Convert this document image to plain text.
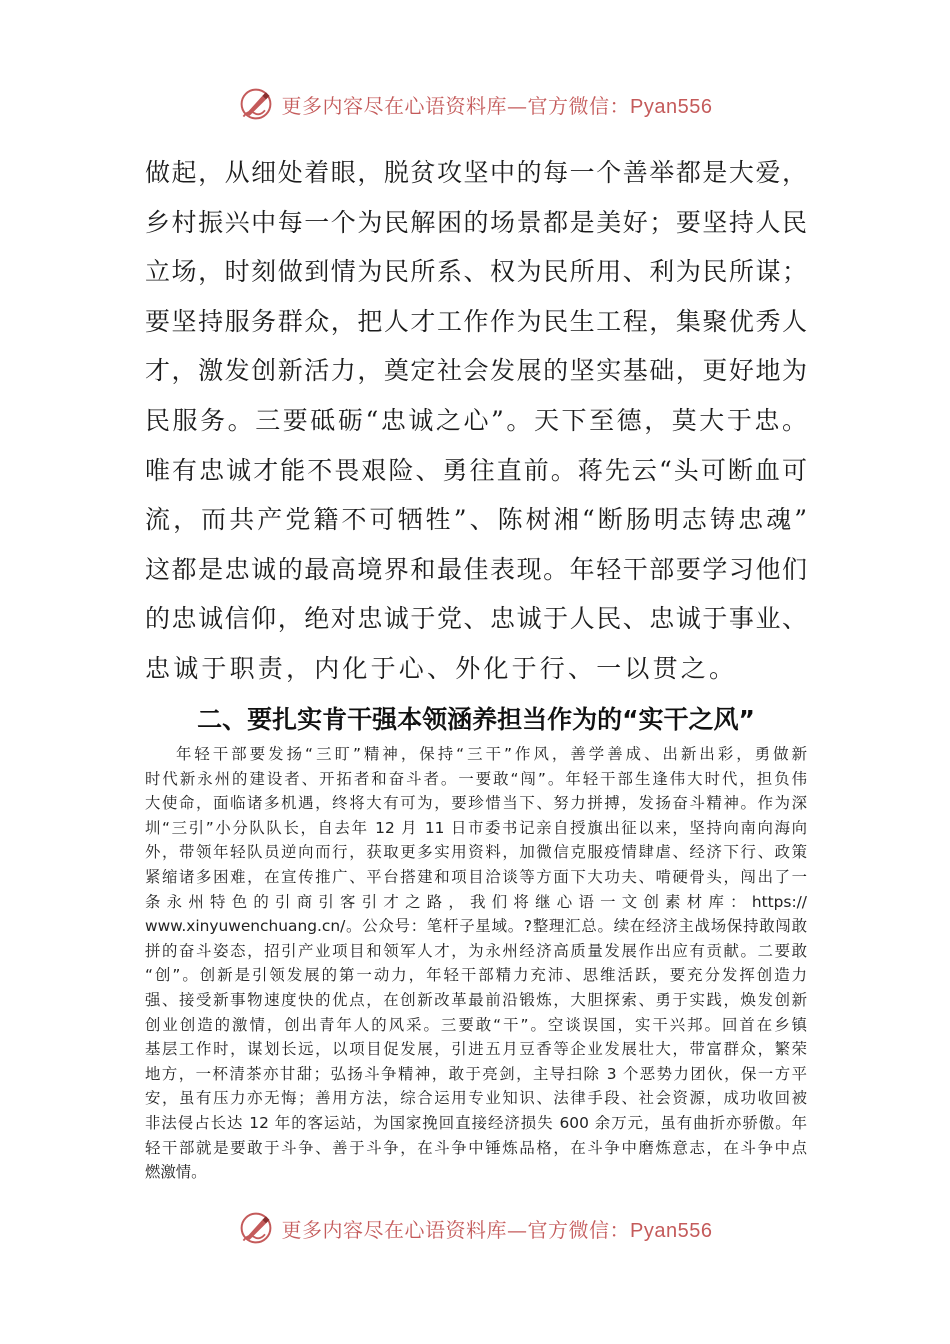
更多内容尽在心语资料库—官方微信：Pyan556
做起，从细处着眼，脱贫攻坚中的每一个善举都是大爱，
乡村振兴中每一个为民解困的场景都是美好；要坚持人民
立场，时刻做到情为民所系、权为民所用、利为民所谋；
要坚持服务群众，把人才工作作为民生工程，集聚优秀人
才，激发创新活力，奠定社会发展的坚实基础，更好地为
民服务。三要砥砺“忠诚之心”。天下至德，莫大于忠。
唯有忠诚才能不畏艰险、勇往直前。蒋先云“头可断血可
流，而共产党籍不可牺牲”、陈树湘“断肠明志铸忠魂”
这都是忠诚的最高境界和最佳表现。年轻干部要学习他们
的忠诚信仰，绝对忠诚于党、忠诚于人民、忠诚于事业、
忠诚于职责，内化于心、外化于行、一以贯之。
二、要扎实肯干强本领涵养担当作为的“实干之风”
年轻干部要发扬“三盯”精神，保持“三干”作风，善学善成、出新出彩，勇做新
时代新永州的建设者、开拓者和奋斗者。一要敢“闯”。年轻干部生逢伟大时代，担负伟
大使命，面临诸多机遇，终将大有可为，要珍惜当下、努力拼搏，发扬奋斗精神。作为深
圳“三引”小分队队长，自去年 12 月 11 日市委书记亲自授旗出征以来，坚持向南向海向
外，带领年轻队员逆向而行，获取更多实用资料，加微信克服疫情肆虐、经济下行、政策
紧缩诸多困难，在宣传推广、平台搭建和项目洽谈等方面下大功夫、啃硬骨头，闯出了一
条永州特色的引商引客引才之路，我们将继心语一文创素材库：https://
www.xinyuwenchuang.cn/。公众号：笔杆子星域。?整理汇总。续在经济主战场保持敢闯敢
拼的奋斗姿态，招引产业项目和领军人才，为永州经济高质量发展作出应有贡献。二要敢
“创”。创新是引领发展的第一动力，年轻干部精力充沛、思维活跃，要充分发挥创造力
强、接受新事物速度快的优点，在创新改革最前沿锻炼，大胆探索、勇于实践，焕发创新
创业创造的激情，创出青年人的风采。三要敢“干”。空谈误国，实干兴邦。回首在乡镇
基层工作时，谋划长远，以项目促发展，引进五月豆香等企业发展壮大，带富群众，繁荣
地方，一杯清茶亦甘甜；弘扬斗争精神，敢于亮剑，主导扫除 3 个恶势力团伙，保一方平
安，虽有压力亦无悔；善用方法，综合运用专业知识、法律手段、社会资源，成功收回被
非法侵占长达 12 年的客运站，为国家挽回直接经济损失 600 余万元，虽有曲折亦骄傲。年
轻干部就是要敢于斗争、善于斗争，在斗争中锤炼品格，在斗争中磨炼意志，在斗争中点
燃激情。
更多内容尽在心语资料库—官方微信：Pyan556
